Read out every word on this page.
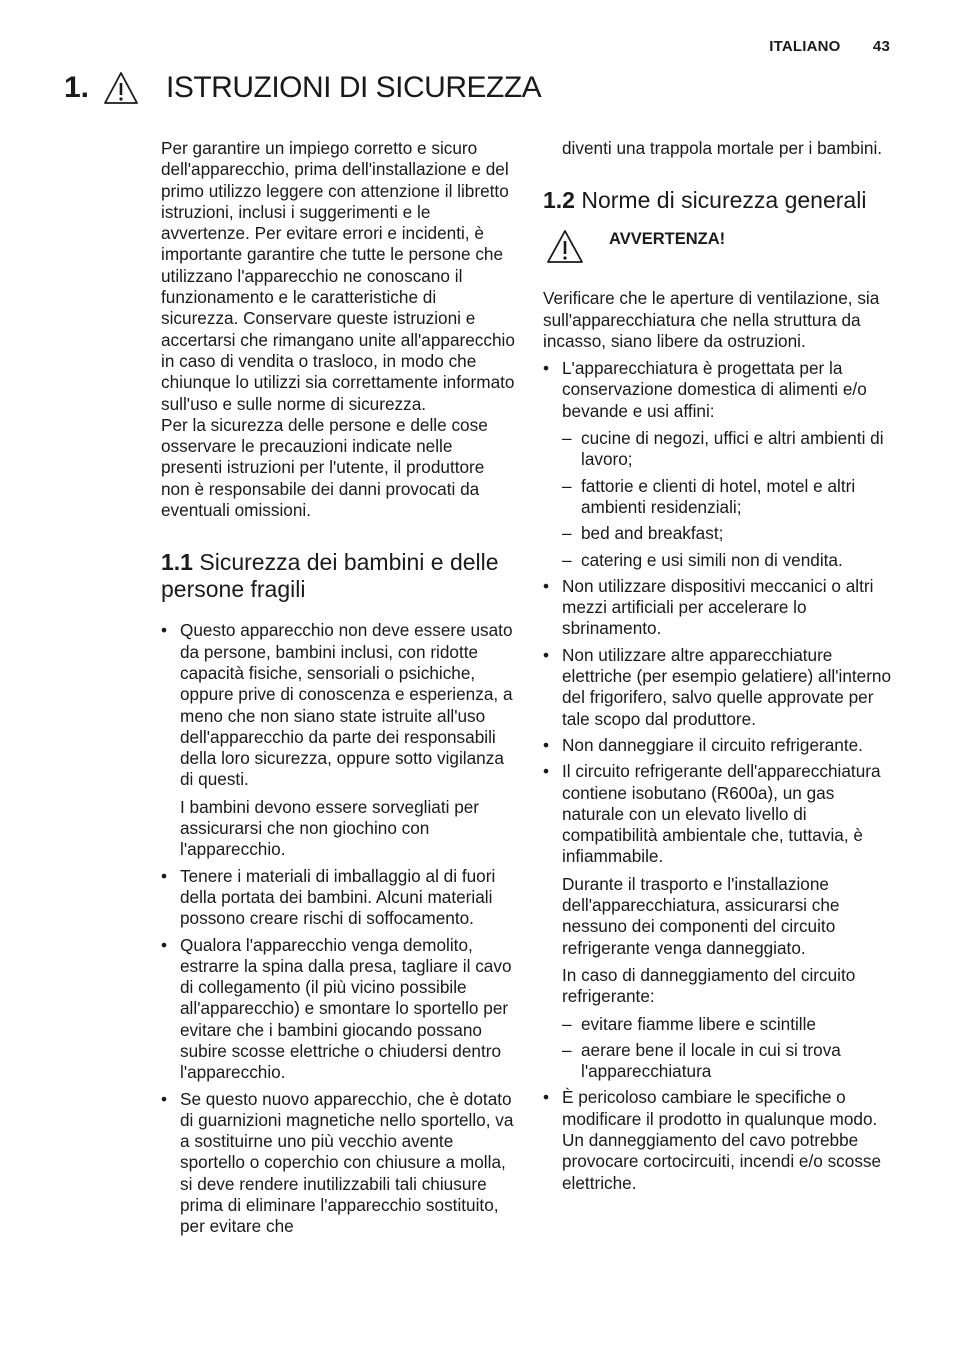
ITALIANO 43
1.	ISTRUZIONI DI SICUREZZA

Per garantire un impiego corretto e sicuro dell'apparecchio, prima dell'installazione e del primo utilizzo leggere con attenzione il libretto istruzioni, inclusi i suggerimenti e le avvertenze. Per evitare errori e incidenti, è importante garantire che tutte le persone che utilizzano l'apparecchio ne conoscano il funzionamento e le caratteristiche di sicurezza. Conservare queste istruzioni e accertarsi che rimangano unite all'apparecchio in caso di vendita o trasloco, in modo che chiunque lo utilizzi sia correttamente informato sull'uso e sulle norme di sicurezza.

Per la sicurezza delle persone e delle cose osservare le precauzioni indicate nelle presenti istruzioni per l'utente, il produttore non è responsabile dei danni provocati da eventuali omissioni.

1.1 Sicurezza dei bambini e delle persone fragili
• Questo apparecchio non deve essere usato da persone, bambini inclusi, con ridotte capacità fisiche, sensoriali o psichiche, oppure prive di conoscenza e esperienza, a meno che non siano state istruite all'uso dell'apparecchio da parte dei responsabili della loro sicurezza, oppure sotto vigilanza di questi.

I bambini devono essere sorvegliati per assicurarsi che non giochino con l'apparecchio.

• Tenere i materiali di imballaggio al di fuori della portata dei bambini. Alcuni materiali possono creare rischi di soffocamento.
• Qualora l'apparecchio venga demolito, estrarre la spina dalla presa, tagliare il cavo di collegamento (il più vicino possibile all'apparecchio) e smontare lo sportello per evitare che i bambini giocando possano subire scosse elettriche o chiudersi dentro l'apparecchio.
• Se questo nuovo apparecchio, che è dotato di guarnizioni magnetiche nello sportello, va a sostituirne uno più vecchio avente sportello o coperchio con chiusure a molla, si deve rendere inutilizzabili tali chiusure prima di eliminare l'apparecchio sostituito, per evitare che

diventi una trappola mortale per i bambini.

1.2 Norme di sicurezza generali
AVVERTENZA!

Verificare che le aperture di ventilazione, sia sull'apparecchiatura che nella struttura da incasso, siano libere da ostruzioni.

• L'apparecchiatura è progettata per la conservazione domestica di alimenti e/o bevande e usi affini:
– cucine di negozi, uffici e altri ambienti di lavoro;
– fattorie e clienti di hotel, motel e altri ambienti residenziali;
– bed and breakfast;
– catering e usi simili non di vendita.
• Non utilizzare dispositivi meccanici o altri mezzi artificiali per accelerare lo sbrinamento.
• Non utilizzare altre apparecchiature elettriche (per esempio gelatiere) all'interno del frigorifero, salvo quelle approvate per tale scopo dal produttore.
• Non danneggiare il circuito refrigerante.
• Il circuito refrigerante dell'apparecchiatura contiene isobutano (R600a), un gas naturale con un elevato livello di compatibilità ambientale che, tuttavia, è infiammabile.

Durante il trasporto e l'installazione dell'apparecchiatura, assicurarsi che nessuno dei componenti del circuito refrigerante venga danneggiato.

In caso di danneggiamento del circuito refrigerante:

– evitare fiamme libere e scintille
– aerare bene il locale in cui si trova l'apparecchiatura
• È pericoloso cambiare le specifiche o modificare il prodotto in qualunque modo. Un danneggiamento del cavo potrebbe provocare cortocircuiti, incendi e/o scosse elettriche.
